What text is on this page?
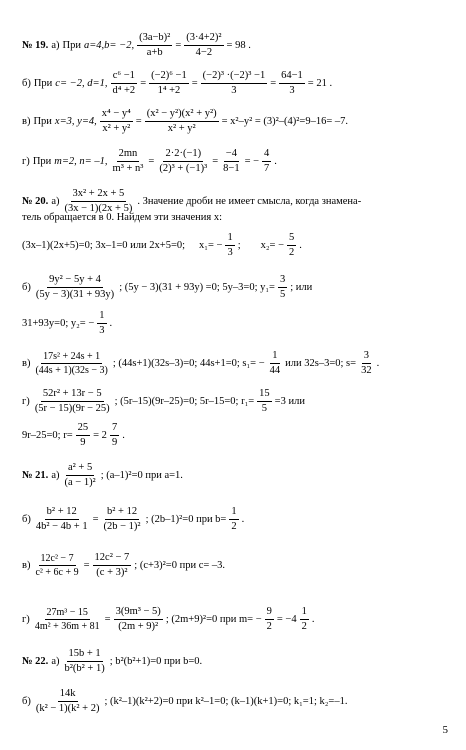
№ 19. а) При a=4,b= −2, $\frac{\text{(3a−b)²}}{a+b} = \frac{\text{(3·4+2)²}}{4-2} = 98$ .
б) При c= −2, d=1, $\frac{\text{c⁶ −1}}{\text{d⁴ +2}} = \frac{\text{(−2)⁶ −1}}{\text{1⁴ +2}} = \frac{\text{(−2)³ ·(−2)³ −1}}{3} = \frac{64-1}{3} = 21$ .
в) При x=3, y=4, $\frac{\text{x⁴ − y⁴}}{\text{x² + y²}} = \frac{\text{(x² − y²)(x² + y²)}}{\text{x² + y²}} = x^2-y^2 = (3)^2-(4)^2=9-16= -7$.
г) При m=2, n= –1, $\frac{2mn}{\text{m³ + n³}} = \frac{2\cdot 2\cdot(-1)}{\text{(2)³ + (−1)³}} = \frac{-4}{8-1}$ = − $\frac{4}{7}$ .
№ 20. а)
3x² + 2x + 5
(3x − 1)(2x + 5)
. Значение дроби не имеет смысла, когда знамена-
тель обращается в 0. Найдем эти значения x:
(3x–1)(2x+5)=0; 3x–1=0 или 2x+5=0; $x_1= - \frac{1}{3}$ ; $x_2= - \frac{5}{2}$ .
б)
9y² − 5y + 4
(5y − 3)(31 + 93y)
; (5y − 3)(31 + 93y) =0; 5y–3=0; $y_1= \frac{3}{5}$ ; или
31+93y=0; $y_2= - \frac{1}{3}$ .
в)
17s² + 24s + 1
(44s + 1)(32s − 3)
; (44s+1)(32s–3)=0; 44s+1=0; $s_1= - \frac{1}{44}$ или 32s–3=0; $s= \frac{3}{32}$ .
г)
52r² + 13r − 5
(5r − 15)(9r − 25)
; (5r–15)(9r–25)=0; 5r–15=0; $r_1= \frac{15}{5} =3$ или
9r–25=0; $r= \frac{25}{9} = 2$
7
9
.
№ 21. а)
a² + 5
(a − 1)²
; (a–1)²=0 при a=1.
$б) \frac{\text{b² + 12}}{\text{4b² − 4b + 1}} = \frac{\text{b² + 12}}{\text{(2b − 1)²}}$ ; (2b–1)²=0 при $b= \frac{1}{2}$ .
$в) \frac{\text{12c² − 7}}{\text{c² + 6c + 9}} = \frac{\text{12c² − 7}}{\text{(c + 3)²}}$ ; (c+3)²=0 при c= –3.
$г) \frac{\text{27m³ − 15}}{\text{4m² + 36m + 81}} = \frac{\text{3(9m³ − 5)}}{\text{(2m + 9)²}}$ ; (2m+9)²=0 при $m= - \frac{9}{2} = -4$
1
2
.
№ 22. а)
15b + 1
b²(b² + 1)
; b²(b²+1)=0 при b=0.
б)
14k
(k² − 1)(k² + 2)
; (k²–1)(k²+2)=0 при k²–1=0; (k–1)(k+1)=0; k₁=1; k₂=–1.
5
